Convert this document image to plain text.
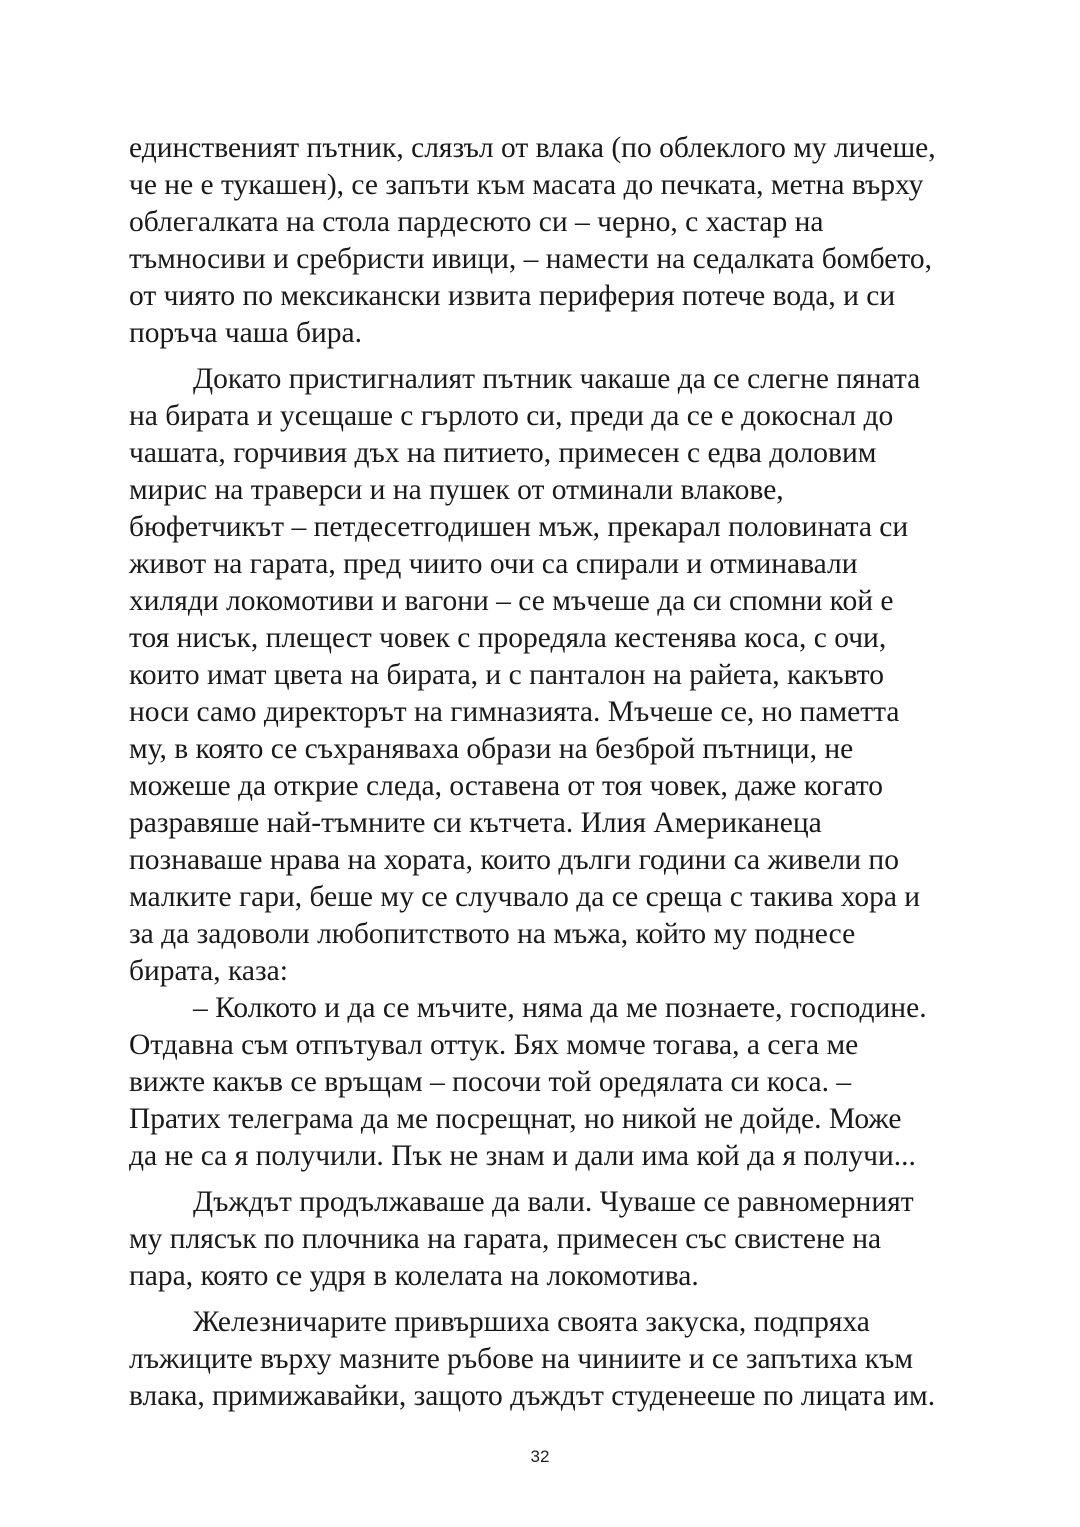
единственият пътник, слязъл от влака (по облеклого му личеше,
че не е тукашен), се запъти към масата до печката, метна върху
облегалката на стола пардесюто си – черно, с хастар на
тъмносиви и сребристи ивици, – намести на седалката бомбето,
от чиято по мексикански извита периферия потече вода, и си
поръча чаша бира.
Докато пристигналият пътник чакаше да се слегне пяната
на бирата и усещаше с гърлото си, преди да се е докоснал до
чашата, горчивия дъх на питието, примесен с едва доловим
мирис на траверси и на пушек от отминали влакове,
бюфетчикът – петдесетгодишен мъж, прекарал половината си
живот на гарата, пред чиито очи са спирали и отминавали
хиляди локомотиви и вагони – се мъчеше да си спомни кой е
тоя нисък, плещест човек с проредяла кестенява коса, с очи,
които имат цвета на бирата, и с панталон на райета, какъвто
носи само директорът на гимназията. Мъчеше се, но паметта
му, в която се съхраняваха образи на безброй пътници, не
можеше да открие следа, оставена от тоя човек, даже когато
разравяше най-тъмните си кътчета. Илия Американеца
познаваше нрава на хората, които дълги години са живели по
малките гари, беше му се случвало да се среща с такива хора и
за да задоволи любопитството на мъжа, който му поднесе
бирата, каза:
– Колкото и да се мъчите, няма да ме познаете, господине.
Отдавна съм отпътувал оттук. Бях момче тогава, а сега ме
вижте какъв се връщам – посочи той оредялата си коса. –
Пратих телеграма да ме посрещнат, но никой не дойде. Може
да не са я получили. Пък не знам и дали има кой да я получи...
Дъждът продължаваше да вали. Чуваше се равномерният
му плясък по плочника на гарата, примесен със свистене на
пара, която се удря в колелата на локомотива.
Железничарите привършиха своята закуска, подпряха
лъжиците върху мазните ръбове на чиниите и се запътиха към
влака, примижавайки, защото дъждът студенееше по лицата им.
32
